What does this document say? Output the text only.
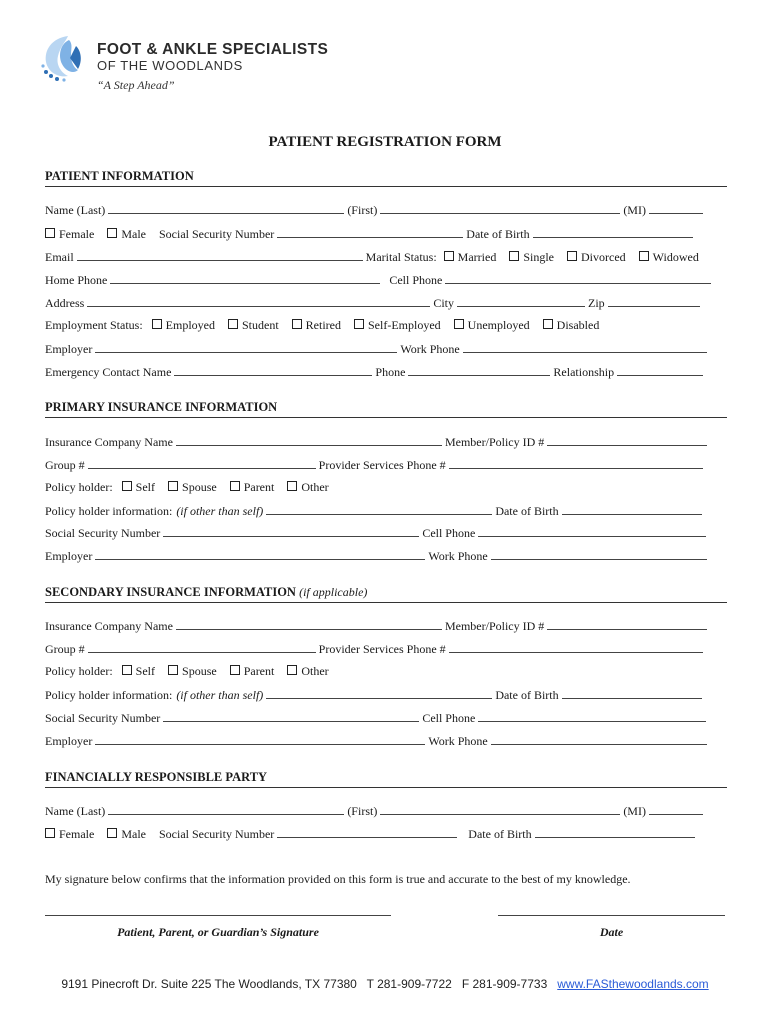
FOOT & ANKLE SPECIALISTS
OF THE WOODLANDS
“A Step Ahead”
PATIENT REGISTRATION FORM
PATIENT INFORMATION
Name (Last)	(First)	(MI)
Female Male Social Security Number	Date of Birth
Email	Marital Status: Married Single Divorced Widowed
Home Phone	Cell Phone
Address	City	Zip
Employment Status: Employed Student Retired Self-Employed Unemployed Disabled
Employer	Work Phone
Emergency Contact Name	Phone	Relationship
PRIMARY INSURANCE INFORMATION
Insurance Company Name	Member/Policy ID #
Group #	Provider Services Phone #
Policy holder: Self Spouse Parent Other
Policy holder information: (if other than self)	Date of Birth
Social Security Number	Cell Phone
Employer	Work Phone
SECONDARY INSURANCE INFORMATION (if applicable)
Insurance Company Name	Member/Policy ID #
Group #	Provider Services Phone #
Policy holder: Self Spouse Parent Other
Policy holder information: (if other than self)	Date of Birth
Social Security Number	Cell Phone
Employer	Work Phone
FINANCIALLY RESPONSIBLE PARTY
Name (Last)	(First)	(MI)
Female Male Social Security Number	Date of Birth
My signature below confirms that the information provided on this form is true and accurate to the best of my knowledge.
Patient, Parent, or Guardian’s Signature	Date
9191 Pinecroft Dr. Suite 225 The Woodlands, TX 77380 T 281-909-7722 F 281-909-7733 www.FASthewoodlands.com
